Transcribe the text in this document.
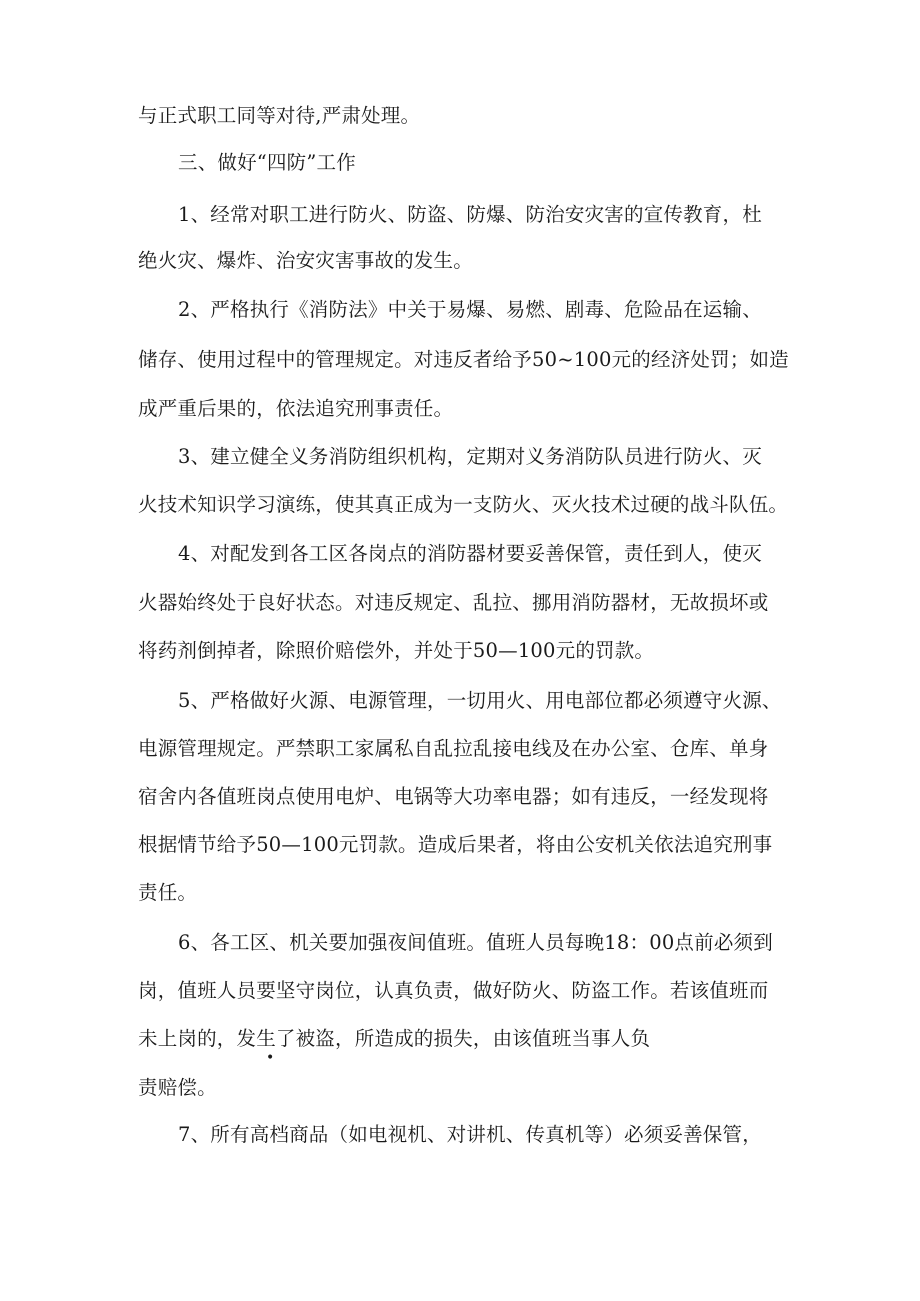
与正式职工同等对待,严肃处理。
三、做好“四防”工作
1、经常对职工进行防火、防盗、防爆、防治安灾害的宣传教育，杜
绝火灾、爆炸、治安灾害事故的发生。
2、严格执行《消防法》中关于易爆、易燃、剧毒、危险品在运输、
储存、使用过程中的管理规定。对违反者给予50~100元的经济处罚；如造
成严重后果的，依法追究刑事责任。
3、建立健全义务消防组织机构，定期对义务消防队员进行防火、灭
火技术知识学习演练，使其真正成为一支防火、灭火技术过硬的战斗队伍。
4、对配发到各工区各岗点的消防器材要妥善保管，责任到人，使灭
火器始终处于良好状态。对违反规定、乱拉、挪用消防器材，无故损坏或
将药剂倒掉者，除照价赔偿外，并处于50—100元的罚款。
5、严格做好火源、电源管理，一切用火、用电部位都必须遵守火源、
电源管理规定。严禁职工家属私自乱拉乱接电线及在办公室、仓库、单身
宿舍内各值班岗点使用电炉、电锅等大功率电器；如有违反，一经发现将
根据情节给予50—100元罚款。造成后果者，将由公安机关依法追究刑事
责任。
6、各工区、机关要加强夜间值班。值班人员每晚18：00点前必须到
岗，值班人员要坚守岗位，认真负责，做好防火、防盗工作。若该值班而
未上岗的，发生了被盗，所造成的损失，由该值班当事人负
责赔偿。
•
7、所有高档商品（如电视机、对讲机、传真机等）必须妥善保管，
